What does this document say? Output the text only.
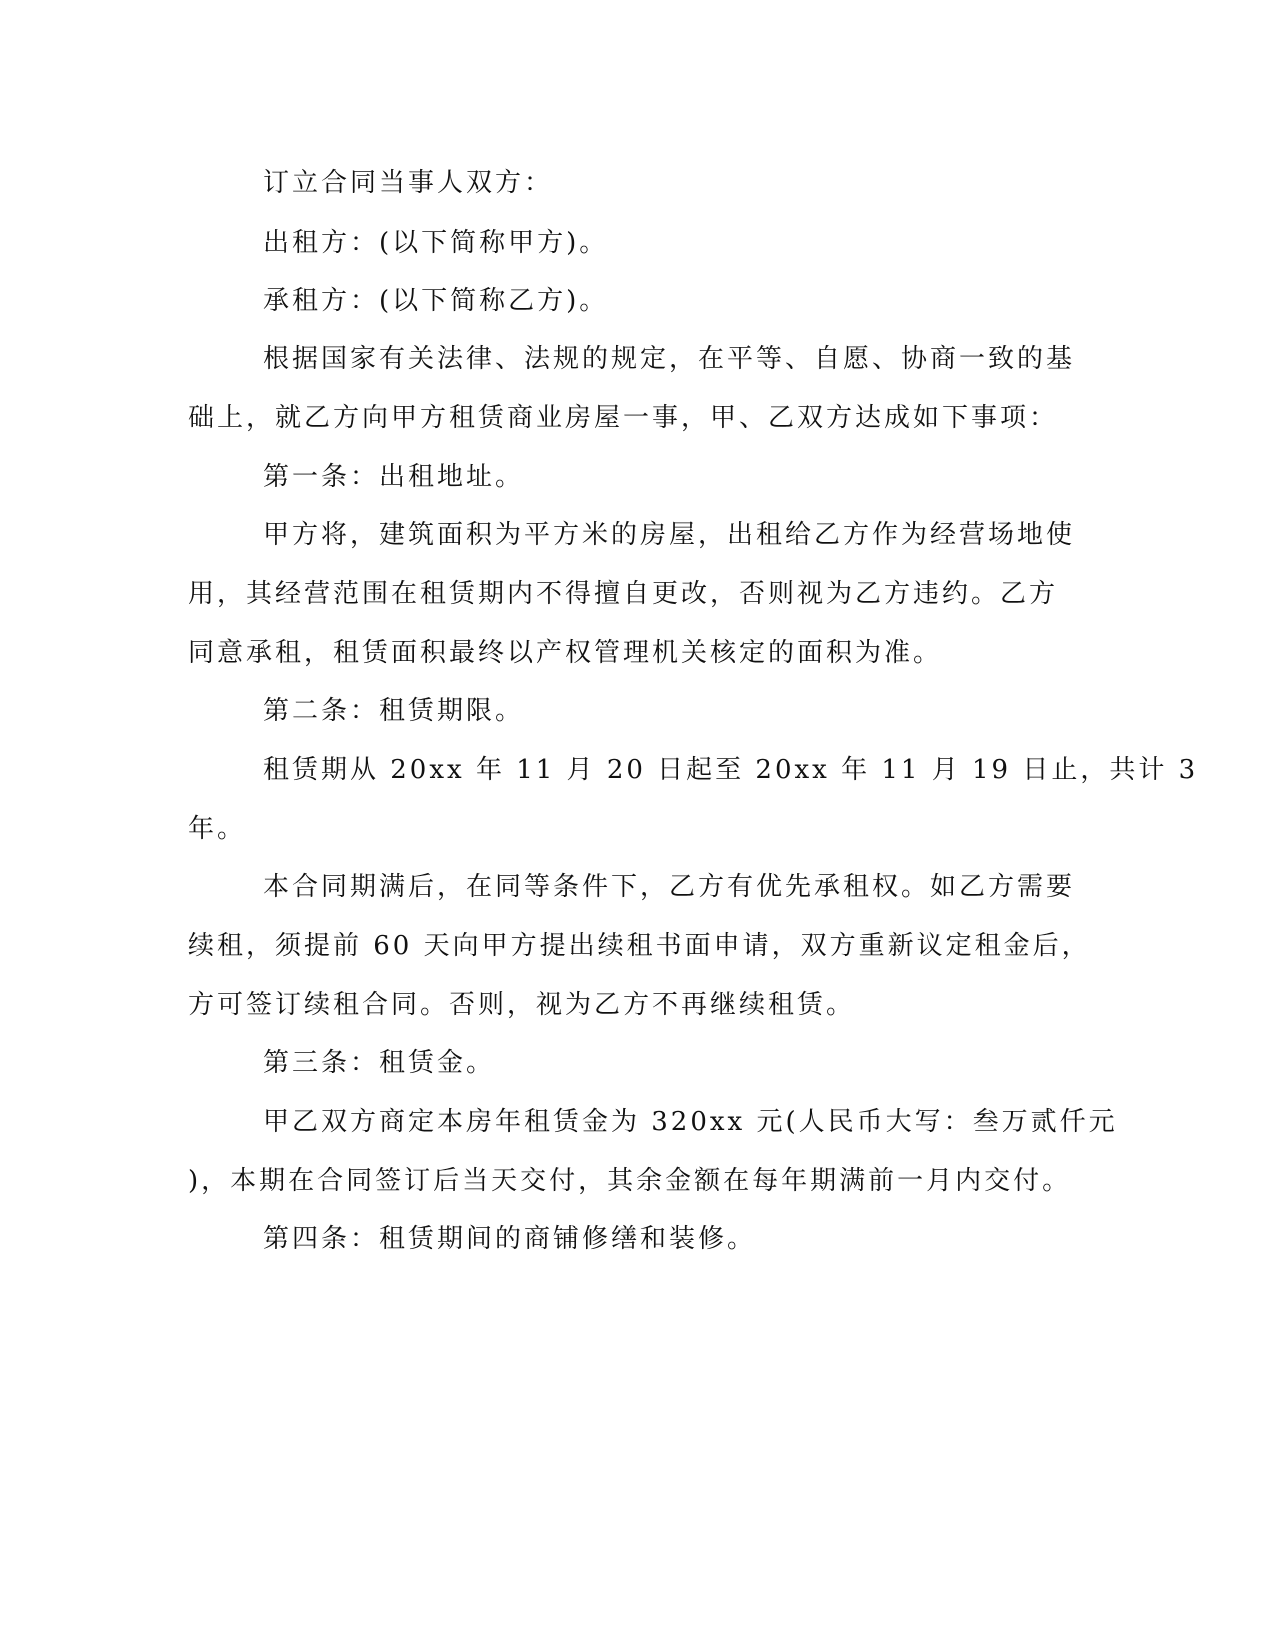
订立合同当事人双方：
出租方：(以下简称甲方)。
承租方：(以下简称乙方)。
根据国家有关法律、法规的规定，在平等、自愿、协商一致的基
础上，就乙方向甲方租赁商业房屋一事，甲、乙双方达成如下事项：
第一条：出租地址。
甲方将，建筑面积为平方米的房屋，出租给乙方作为经营场地使
用，其经营范围在租赁期内不得擅自更改，否则视为乙方违约。乙方
同意承租，租赁面积最终以产权管理机关核定的面积为准。
第二条：租赁期限。
租赁期从 20xx 年 11 月 20 日起至 20xx 年 11 月 19 日止，共计 3
年。
本合同期满后，在同等条件下，乙方有优先承租权。如乙方需要
续租，须提前 60 天向甲方提出续租书面申请，双方重新议定租金后，
方可签订续租合同。否则，视为乙方不再继续租赁。
第三条：租赁金。
甲乙双方商定本房年租赁金为 320xx 元(人民币大写：叁万贰仟元
)，本期在合同签订后当天交付，其余金额在每年期满前一月内交付。
第四条：租赁期间的商铺修缮和装修。
